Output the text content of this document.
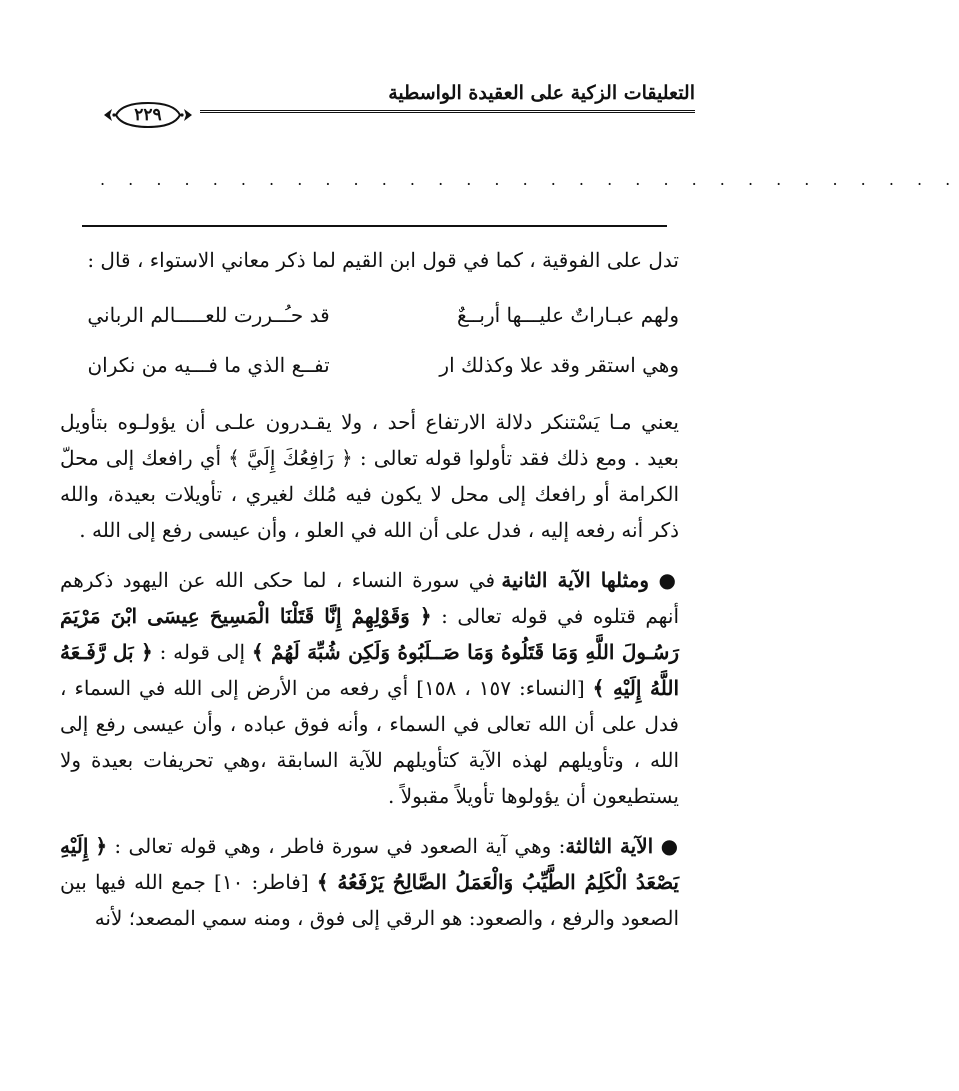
التعليقات الزكية على العقيدة الواسطية
٢٢٩
. . . . . . . . . . . . . . . . . . . . . . . . . . . . . . .

تدل على الفوقية ، كما في قول ابن القيم لما ذكر معاني الاستواء ، قال :

ولهم عبـاراتٌ عليـــها أربــعٌ
قد حـُــررت للعـــــالم الرباني
وهي استقر وقد علا وكذلك ار
تفــع الذي ما فـــيه من نكران

يعني مـا يَسْتنكر دلالة الارتفاع أحد ، ولا يقـدرون علـى أن يؤولـوه بتأويل بعيد . ومع ذلك فقد تأولوا قوله تعالى : ﴿ رَافِعُكَ إِلَيَّ ﴾ أي رافعك إلى محلّ الكرامة أو رافعك إلى محل لا يكون فيه مُلك لغيري ، تأويلات بعيدة، والله ذكر أنه رفعه إليه ، فدل على أن الله في العلو ، وأن عيسى رفع إلى الله .

● ومثلها الآية الثانية في سورة النساء ، لما حكى الله عن اليهود ذكرهم أنهم قتلوه في قوله تعالى : ﴿ وَقَوْلِهِمْ إِنَّا قَتَلْنَا الْمَسِيحَ عِيسَى ابْنَ مَرْيَمَ رَسُـولَ اللَّهِ وَمَا قَتَلُوهُ وَمَا صَــلَبُوهُ وَلَكِن شُبِّهَ لَهُمْ ﴾ إلى قوله : ﴿ بَل رَّفَـعَهُ اللَّهُ إِلَيْهِ ﴾ [النساء: ١٥٧ ، ١٥٨] أي رفعه من الأرض إلى الله في السماء ، فدل على أن الله تعالى في السماء ، وأنه فوق عباده ، وأن عيسى رفع إلى الله ، وتأويلهم لهذه الآية كتأويلهم للآية السابقة ،وهي تحريفات بعيدة ولا يستطيعون أن يؤولوها تأويلاً مقبولاً .

● الآية الثالثة: وهي آية الصعود في سورة فاطر ، وهي قوله تعالى : ﴿ إِلَيْهِ يَصْعَدُ الْكَلِمُ الطَّيِّبُ وَالْعَمَلُ الصَّالِحُ يَرْفَعُهُ ﴾ [فاطر: ١٠] جمع الله فيها بين الصعود والرفع ، والصعود: هو الرقي إلى فوق ، ومنه سمي المصعد؛ لأنه
